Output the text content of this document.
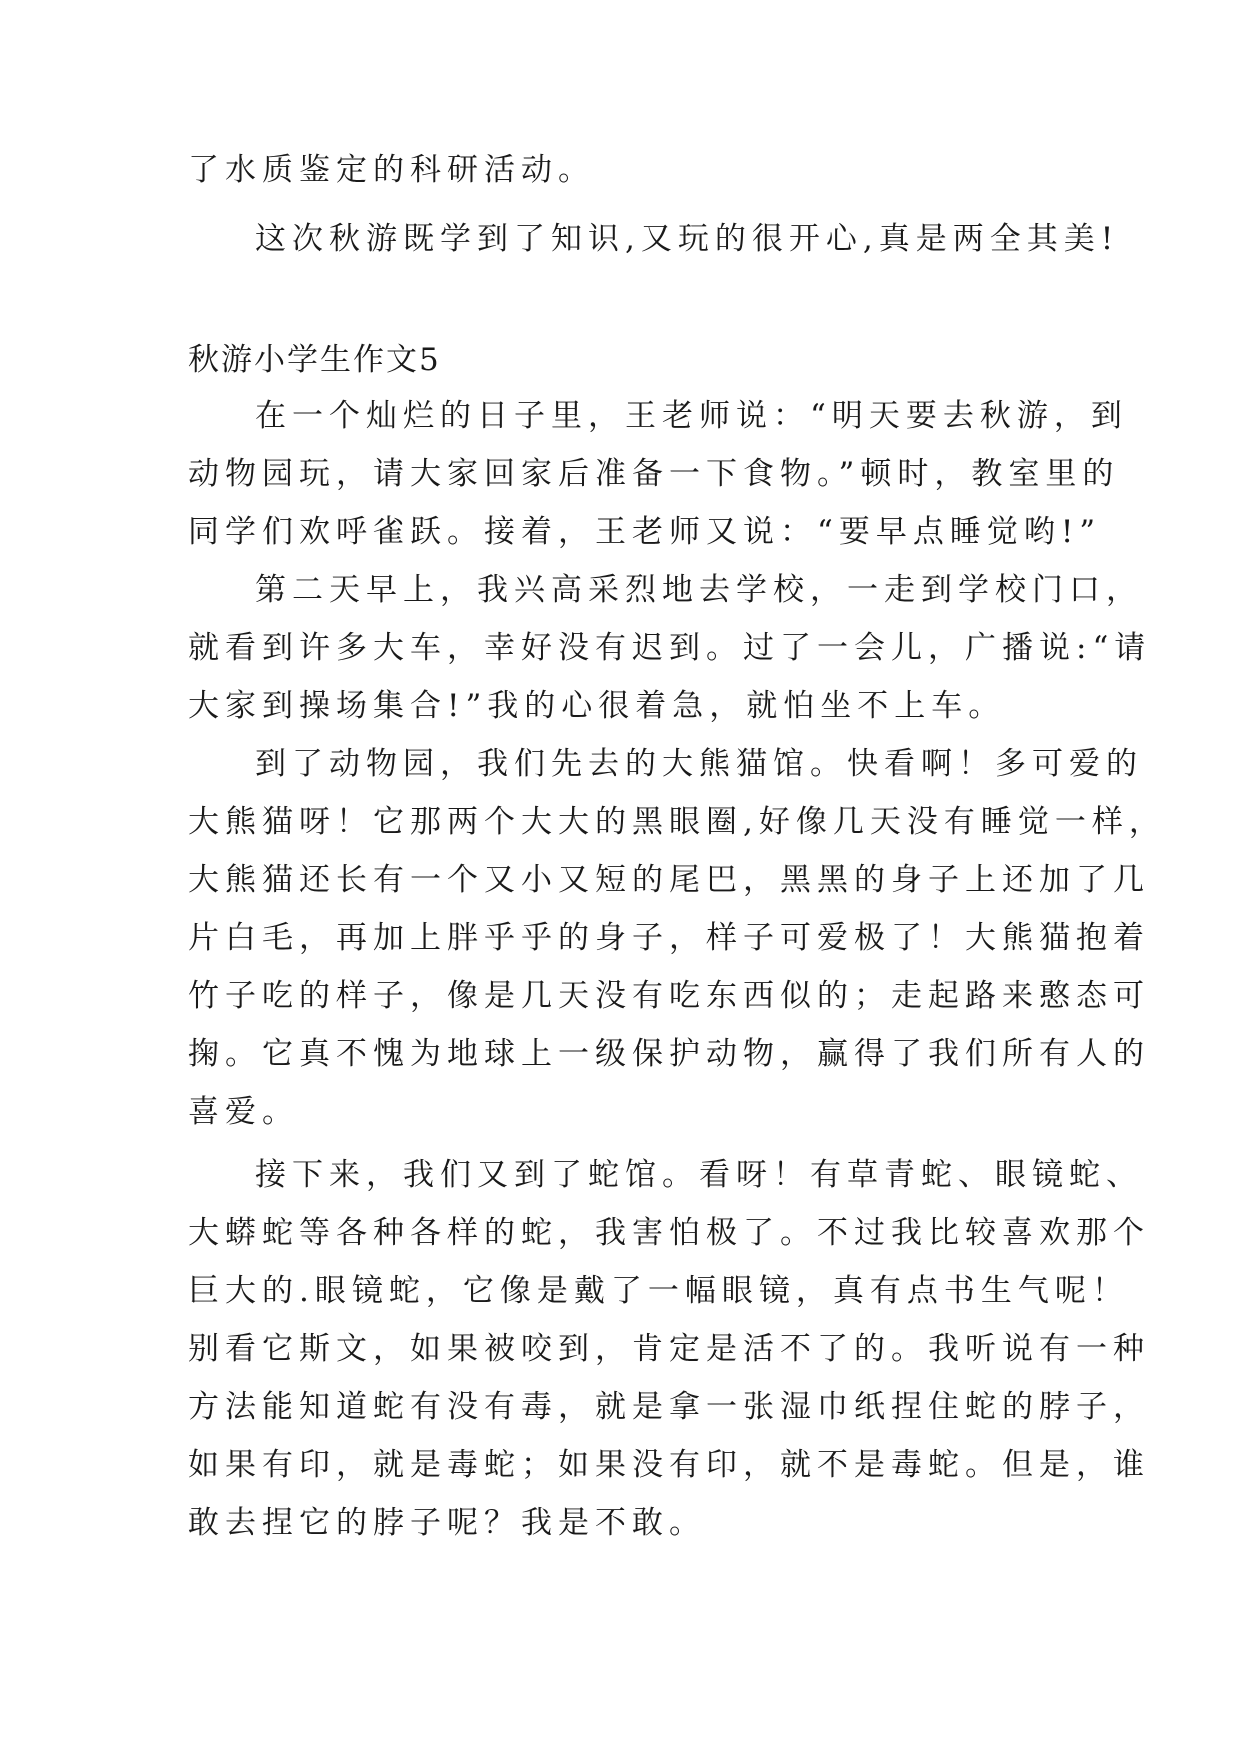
了水质鉴定的科研活动。
这次秋游既学到了知识,又玩的很开心,真是两全其美!
秋游小学生作文5
在一个灿烂的日子里，王老师说：“明天要去秋游，到
动物园玩，请大家回家后准备一下食物。”顿时，教室里的
同学们欢呼雀跃。接着，王老师又说：“要早点睡觉哟!”
第二天早上，我兴高采烈地去学校，一走到学校门口，
就看到许多大车，幸好没有迟到。过了一会儿，广播说:“请
大家到操场集合!”我的心很着急，就怕坐不上车。
到了动物园，我们先去的大熊猫馆。快看啊！多可爱的
大熊猫呀！它那两个大大的黑眼圈,好像几天没有睡觉一样，
大熊猫还长有一个又小又短的尾巴，黑黑的身子上还加了几
片白毛，再加上胖乎乎的身子，样子可爱极了！大熊猫抱着
竹子吃的样子，像是几天没有吃东西似的；走起路来憨态可
掬。它真不愧为地球上一级保护动物，赢得了我们所有人的
喜爱。
接下来，我们又到了蛇馆。看呀！有草青蛇、眼镜蛇、
大蟒蛇等各种各样的蛇，我害怕极了。不过我比较喜欢那个
巨大的.眼镜蛇，它像是戴了一幅眼镜，真有点书生气呢！
别看它斯文，如果被咬到，肯定是活不了的。我听说有一种
方法能知道蛇有没有毒，就是拿一张湿巾纸捏住蛇的脖子，
如果有印，就是毒蛇；如果没有印，就不是毒蛇。但是，谁
敢去捏它的脖子呢？我是不敢。
